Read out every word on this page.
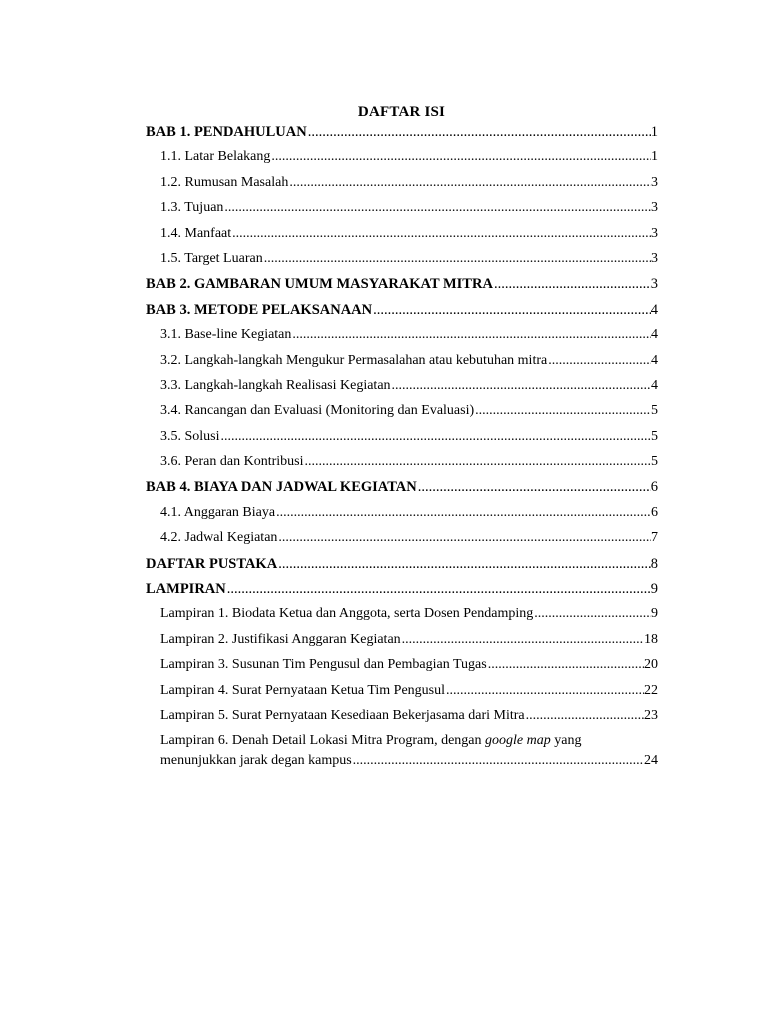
DAFTAR ISI
BAB 1. PENDAHULUAN .....	1
1.1. Latar Belakang .....	1
1.2. Rumusan Masalah .....	3
1.3. Tujuan .....	3
1.4. Manfaat .....	3
1.5. Target Luaran .....	3
BAB 2. GAMBARAN UMUM MASYARAKAT MITRA .....	3
BAB 3. METODE PELAKSANAAN .....	4
3.1. Base-line Kegiatan .....	4
3.2. Langkah-langkah Mengukur Permasalahan atau kebutuhan mitra .....	4
3.3. Langkah-langkah Realisasi Kegiatan .....	4
3.4. Rancangan dan Evaluasi (Monitoring dan Evaluasi) .....	5
3.5. Solusi .....	5
3.6. Peran dan Kontribusi .....	5
BAB 4. BIAYA DAN JADWAL KEGIATAN .....	6
4.1. Anggaran Biaya .....	6
4.2. Jadwal Kegiatan .....	7
DAFTAR PUSTAKA .....	8
LAMPIRAN .....	9
Lampiran 1. Biodata Ketua dan Anggota, serta Dosen Pendamping .....	9
Lampiran 2. Justifikasi Anggaran Kegiatan .....	18
Lampiran 3. Susunan Tim Pengusul dan Pembagian Tugas .....	20
Lampiran 4. Surat Pernyataan Ketua Tim Pengusul .....	22
Lampiran 5. Surat Pernyataan Kesediaan Bekerjasama dari Mitra .....	23
Lampiran 6. Denah Detail Lokasi Mitra Program, dengan google map yang
menunjukkan jarak degan kampus .....	24
